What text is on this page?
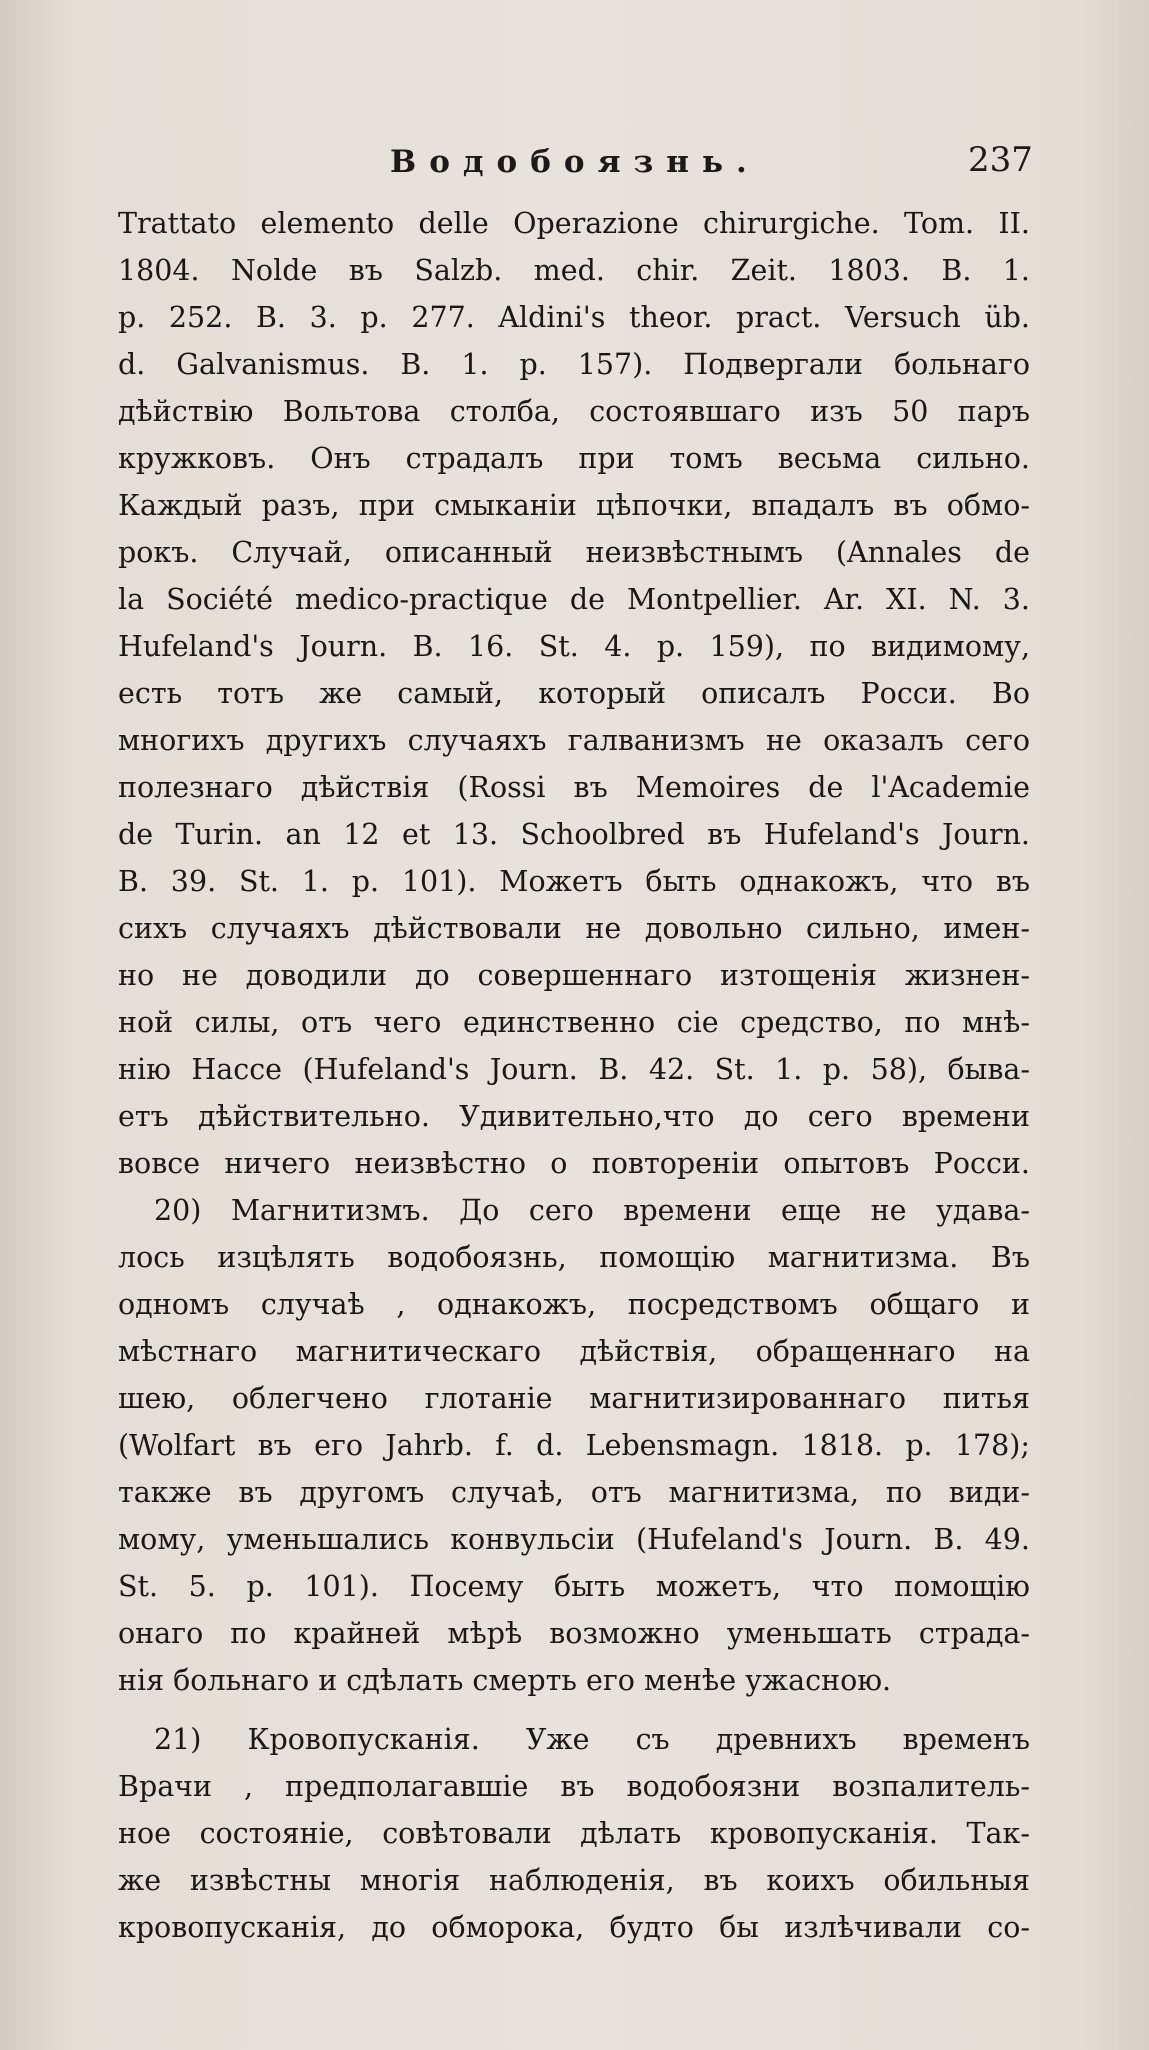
Водобоязнь.	237
Trattato elemento delle Operazione chirurgiche. Tom. II.
1804. Nolde въ Salzb. med. chir. Zeit. 1803. B. 1.
p. 252. B. 3. p. 277. Aldini's theor. pract. Versuch üb.
d. Galvanismus. B. 1. p. 157). Подвергали больнаго
дѣйствію Вольтова столба, состоявшаго изъ 50 паръ
кружковъ. Онъ страдалъ при томъ весьма сильно.
Каждый разъ, при смыканіи цѣпочки, впадалъ въ обмо-
рокъ. Случай, описанный неизвѣстнымъ (Annales de
la Société medico-practique de Montpellier. Ar. XI. N. 3.
Hufeland's Journ. B. 16. St. 4. p. 159), по видимому,
есть тотъ же самый, который описалъ Росси. Во
многихъ другихъ случаяхъ галванизмъ не оказалъ сего
полезнаго дѣйствія (Rossi въ Memoires de l'Academie
de Turin. an 12 et 13. Schoolbred въ Hufeland's Journ.
B. 39. St. 1. p. 101). Можетъ быть однакожъ, что въ
сихъ случаяхъ дѣйствовали не довольно сильно, имен-
но не доводили до совершеннаго изтощенія жизнен-
ной силы, отъ чего единственно сіе средство, по мнѣ-
нію Нассе (Hufeland's Journ. B. 42. St. 1. p. 58), быва-
етъ дѣйствительно. Удивительно,что до сего времени
вовсе ничего неизвѣстно о повтореніи опытовъ Росси.
20) Магнитизмъ. До сего времени еще не удава-
лось изцѣлять водобоязнь, помощію магнитизма. Въ
одномъ случаѣ , однакожъ, посредствомъ общаго и
мѣстнаго магнитическаго дѣйствія, обращеннаго на
шею, облегчено глотаніе магнитизированнаго питья
(Wolfart въ его Jahrb. f. d. Lebensmagn. 1818. p. 178);
также въ другомъ случаѣ, отъ магнитизма, по види-
мому, уменьшались конвульсіи (Hufeland's Journ. B. 49.
St. 5. p. 101). Посему быть можетъ, что помощію
онаго по крайней мѣрѣ возможно уменьшать страда-
нія больнаго и сдѣлать смерть его менѣе ужасною.
21) Кровопусканія. Уже съ древнихъ временъ
Врачи , предполагавшіе въ водобоязни возпалитель-
ное состояніе, совѣтовали дѣлать кровопусканія. Так-
же извѣстны многія наблюденія, въ коихъ обильныя
кровопусканія, до обморока, будто бы излѣчивали со-
